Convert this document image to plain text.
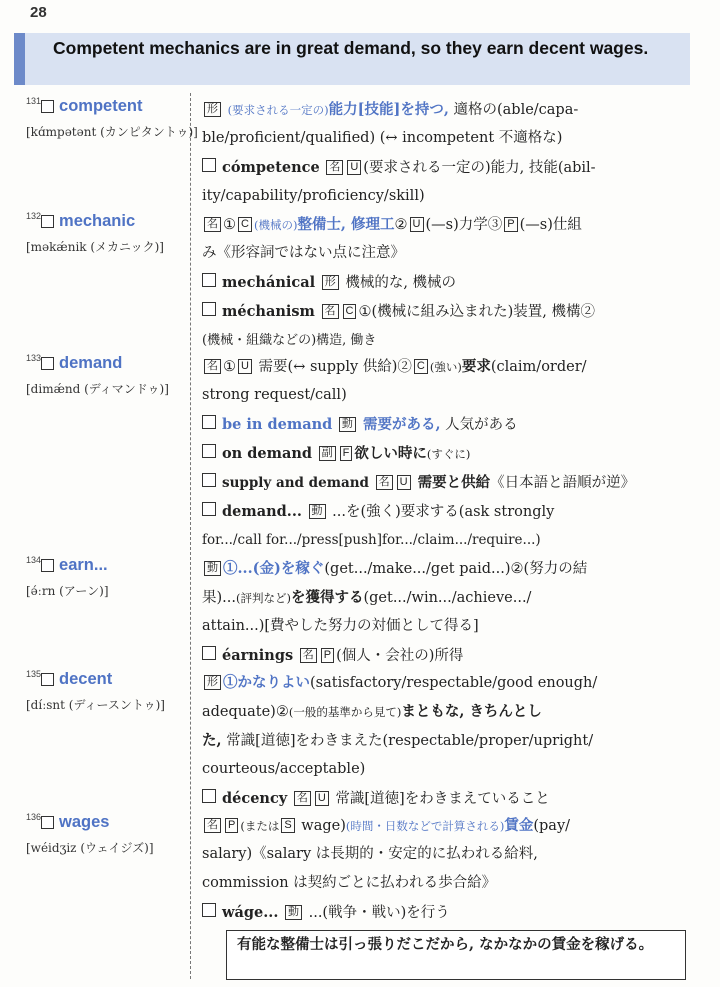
28
Competent mechanics are in great demand, so they earn decent wages.
131 competent
[kɑ́mpətənt (カンピタントゥ)]
形 (要求される一定の)能力[技能]を持つ, 適格の(able/capa-
ble/proficient/qualified) (↔ incompetent 不適格な)
cómpetence 名 U (要求される一定の)能力, 技能(abil-
ity/capability/proficiency/skill)
132 mechanic
[məkǽnik (メカニック)]
名 ① C (機械の)整備士, 修理工② U (—s)力学③ P (—s)仕組
み《形容詞ではない点に注意》
mechánical 形 機械的な, 機械の
méchanism 名 C ①(機械に組み込まれた)装置, 機構②
(機械・組織などの)構造, 働き
133 demand
[dimǽnd (ディマンドゥ)]
名 ① U 需要(↔ supply 供給)② C (強い)要求(claim/order/
strong request/call)
be in demand 動 需要がある, 人気がある
on demand 副 F 欲しい時に(すぐに)
supply and demand 名 U 需要と供給《日本語と語順が逆》
demand... 動 ...を(強く)要求する(ask strongly
for.../call for.../press[push]for.../claim.../require...)
134 earn...
[ə́ːrn (アーン)]
動 ①...(金)を稼ぐ(get.../make.../get paid...)②(努力の結
果)...(評判など)を獲得する(get.../win.../achieve.../
attain...)[費やした努力の対価として得る]
éarnings 名 P (個人・会社の)所得
135 decent
[díːsnt (ディースントゥ)]
形 ①かなりよい(satisfactory/respectable/good enough/
adequate)②(一般的基準から見て)まともな, きちんとし
た, 常識[道徳]をわきまえた(respectable/proper/upright/
courteous/acceptable)
décency 名 U 常識[道徳]をわきまえていること
136 wages
[wéidʒiz (ウェイジズ)]
名 P (または S wage)(時間・日数などで計算される)賃金(pay/
salary)《salary は長期的・安定的に払われる給料,
commission は契約ごとに払われる歩合給》
wáge... 動 ...(戦争・戦い)を行う
有能な整備士は引っ張りだこだから, なかなかの賃金を稼げる。
